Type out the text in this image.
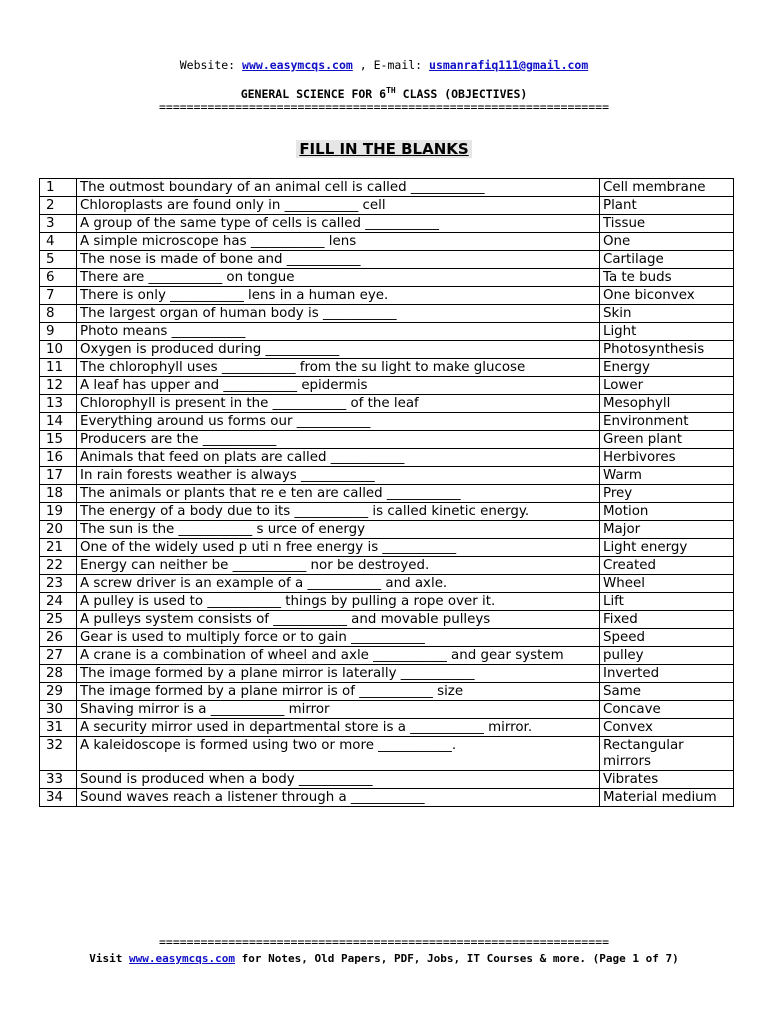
Website: www.easymcqs.com , E-mail: usmanrafiq111@gmail.com
GENERAL SCIENCE FOR 6TH CLASS (OBJECTIVES)
=================================================================
FILL IN THE BLANKS
1	The outmost boundary of an animal cell is called ___________	Cell membrane
2	Chloroplasts are found only in ___________ cell	Plant
3	A group of the same type of cells is called ___________	Tissue
4	A simple microscope has ___________ lens	One
5	The nose is made of bone and ___________	Cartilage
6	There are ___________ on tongue	Ta te buds
7	There is only ___________ lens in a human eye.	One biconvex
8	The largest organ of human body is ___________	Skin
9	Photo means ___________	Light
10	Oxygen is produced during ___________	Photosynthesis
11	The chlorophyll uses ___________ from the su light to make glucose	Energy
12	A leaf has upper and ___________ epidermis	Lower
13	Chlorophyll is present in the ___________ of the leaf	Mesophyll
14	Everything around us forms our ___________	Environment
15	Producers are the ___________	Green plant
16	Animals that feed on plats are called ___________	Herbivores
17	In rain forests weather is always ___________	Warm
18	The animals or plants that re e ten are called ___________	Prey
19	The energy of a body due to its ___________ is called kinetic energy.	Motion
20	The sun is the ___________ s urce of energy	Major
21	One of the widely used p uti n free energy is ___________	Light energy
22	Energy can neither be ___________ nor be destroyed.	Created
23	A screw driver is an example of a ___________ and axle.	Wheel
24	A pulley is used to ___________ things by pulling a rope over it.	Lift
25	A pulleys system consists of ___________ and movable pulleys	Fixed
26	Gear is used to multiply force or to gain ___________	Speed
27	A crane is a combination of wheel and axle ___________ and gear system	pulley
28	The image formed by a plane mirror is laterally ___________	Inverted
29	The image formed by a plane mirror is of ___________ size	Same
30	Shaving mirror is a ___________ mirror	Concave
31	A security mirror used in departmental store is a ___________ mirror.	Convex
32	A kaleidoscope is formed using two or more ___________.	Rectangular mirrors
33	Sound is produced when a body ___________	Vibrates
34	Sound waves reach a listener through a ___________	Material medium
=================================================================
Visit www.easymcqs.com for Notes, Old Papers, PDF, Jobs, IT Courses & more. (Page 1 of 7)
